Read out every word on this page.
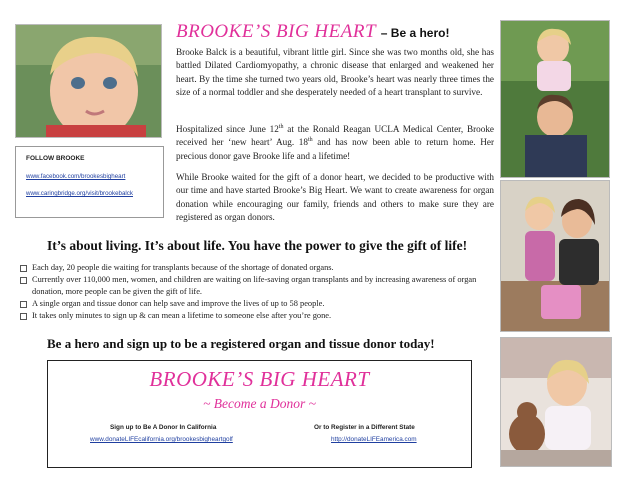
BROOKE’S BIG HEART – Be a hero!
Brooke Balck is a beautiful, vibrant little girl. Since she was two months old, she has battled Dilated Cardiomyopathy, a chronic disease that enlarged and weakened her heart. By the time she turned two years old, Brooke’s heart was nearly three times the size of a normal toddler and she desperately needed of a heart transplant to survive.
Hospitalized since June 12th at the Ronald Reagan UCLA Medical Center, Brooke received her ‘new heart’ Aug. 18th and has now been able to return home. Her precious donor gave Brooke life and a lifetime!
While Brooke waited for the gift of a donor heart, we decided to be productive with our time and have started Brooke’s Big Heart. We want to create awareness for organ donation while encouraging our family, friends and others to make sure they are registered as organ donors.
FOLLOW BROOKE
www.facebook.com/brookesbigheart
www.caringbridge.org/visit/brookebalck
It’s about living. It’s about life. You have the power to give the gift of life!
Each day, 20 people die waiting for transplants because of the shortage of donated organs.
Currently over 110,000 men, women, and children are waiting on life-saving organ transplants and by increasing awareness of organ donation, more people can be given the gift of life.
A single organ and tissue donor can help save and improve the lives of up to 58 people.
It takes only minutes to sign up & can mean a lifetime to someone else after you’re gone.
Be a hero and sign up to be a registered organ and tissue donor today!
BROOKE’S BIG HEART
~ Become a Donor ~
Sign up to Be A Donor In California
www.donateLIFEcalifornia.org/brookesbigheartgolf
Or to Register in a Different State
http://donateLIFEamerica.com
